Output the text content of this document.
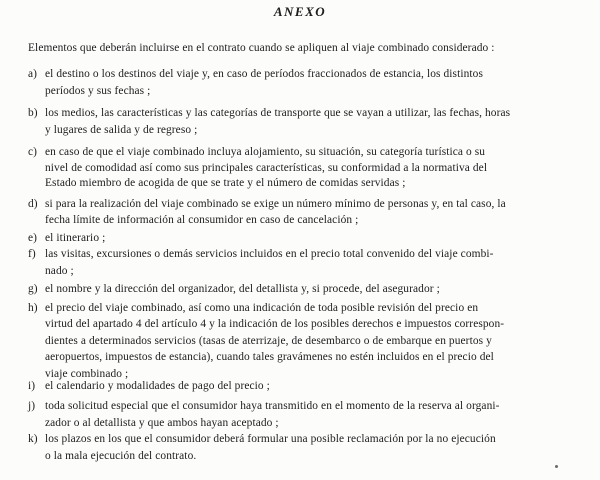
ANEXO
Elementos que deberán incluirse en el contrato cuando se apliquen al viaje combinado considerado :
a) el destino o los destinos del viaje y, en caso de períodos fraccionados de estancia, los distintos
períodos y sus fechas ;
b) los medios, las características y las categorías de transporte que se vayan a utilizar, las fechas, horas
y lugares de salida y de regreso ;
c) en caso de que el viaje combinado incluya alojamiento, su situación, su categoría turística o su
nivel de comodidad así como sus principales características, su conformidad a la normativa del
Estado miembro de acogida de que se trate y el número de comidas servidas ;
d) si para la realización del viaje combinado se exige un número mínimo de personas y, en tal caso, la
fecha límite de información al consumidor en caso de cancelación ;
e) el itinerario ;
f) las visitas, excursiones o demás servicios incluidos en el precio total convenido del viaje combi-
nado ;
g) el nombre y la dirección del organizador, del detallista y, si procede, del asegurador ;
h) el precio del viaje combinado, así como una indicación de toda posible revisión del precio en
virtud del apartado 4 del artículo 4 y la indicación de los posibles derechos e impuestos correspon-
dientes a determinados servicios (tasas de aterrizaje, de desembarco o de embarque en puertos y
aeropuertos, impuestos de estancia), cuando tales gravámenes no estén incluidos en el precio del
viaje combinado ;
i) el calendario y modalidades de pago del precio ;
j) toda solicitud especial que el consumidor haya transmitido en el momento de la reserva al organi-
zador o al detallista y que ambos hayan aceptado ;
k) los plazos en los que el consumidor deberá formular una posible reclamación por la no ejecución
o la mala ejecución del contrato.
